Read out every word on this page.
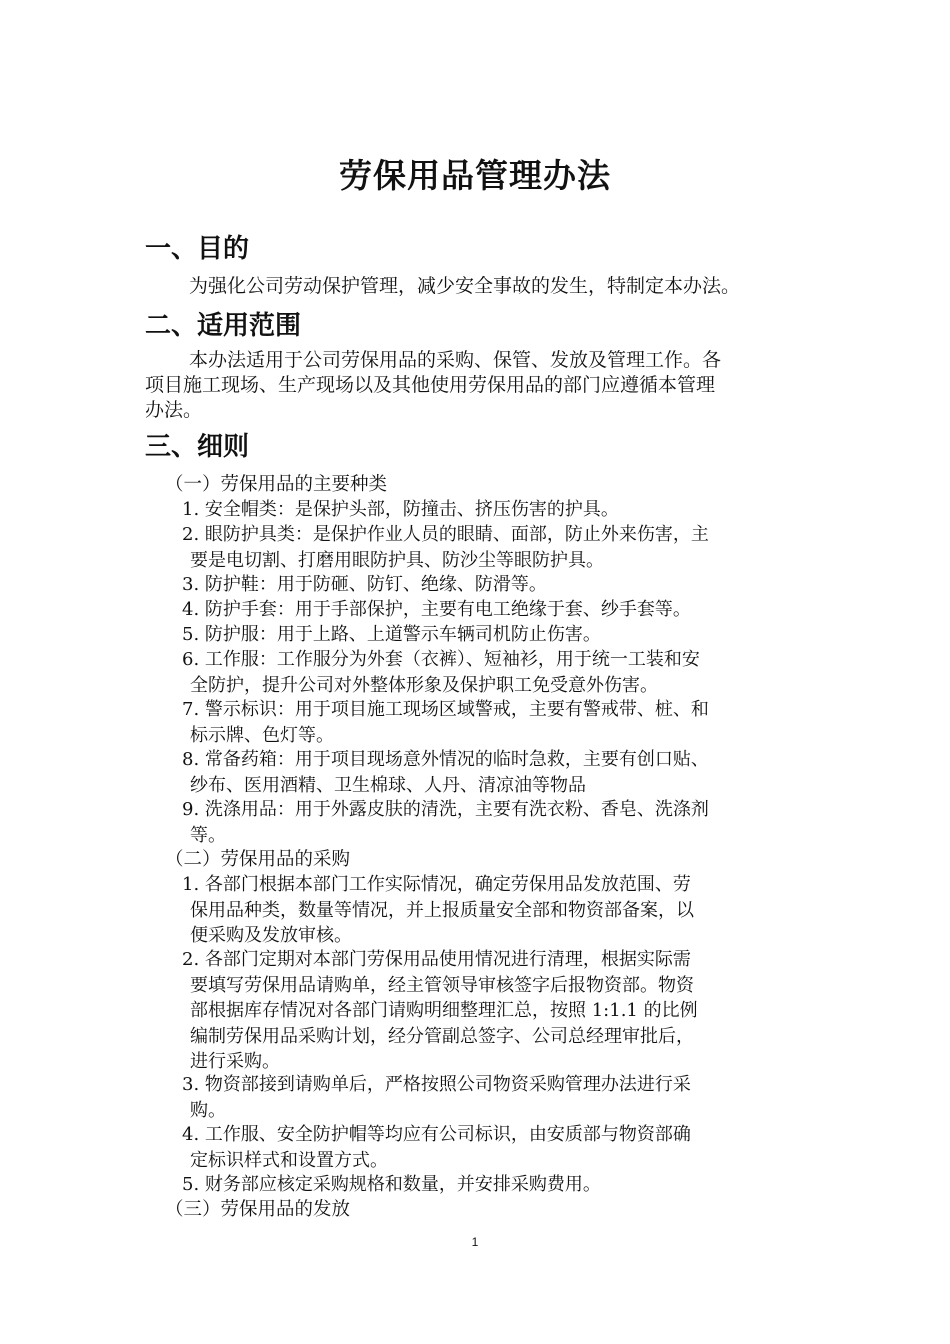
劳保用品管理办法
一、目的

为强化公司劳动保护管理，减少安全事故的发生，特制定本办法。

二、适用范围

本办法适用于公司劳保用品的采购、保管、发放及管理工作。各
项目施工现场、生产现场以及其他使用劳保用品的部门应遵循本管理
办法。

三、细则

（一）劳保用品的主要种类

1. 安全帽类：是保护头部，防撞击、挤压伤害的护具。

2. 眼防护具类：是保护作业人员的眼睛、面部，防止外来伤害，主
要是电切割、打磨用眼防护具、防沙尘等眼防护具。

3. 防护鞋：用于防砸、防钉、绝缘、防滑等。

4. 防护手套：用于手部保护，主要有电工绝缘于套、纱手套等。

5. 防护服：用于上路、上道警示车辆司机防止伤害。

6. 工作服：工作服分为外套（衣裤）、短袖衫，用于统一工装和安
全防护，提升公司对外整体形象及保护职工免受意外伤害。

7. 警示标识：用于项目施工现场区域警戒，主要有警戒带、桩、和
标示牌、色灯等。

8. 常备药箱：用于项目现场意外情况的临时急救，主要有创口贴、
纱布、医用酒精、卫生棉球、人丹、清凉油等物品

9. 洗涤用品：用于外露皮肤的清洗，主要有洗衣粉、香皂、洗涤剂
等。

（二）劳保用品的采购

1. 各部门根据本部门工作实际情况，确定劳保用品发放范围、劳
保用品种类，数量等情况，并上报质量安全部和物资部备案，以
便采购及发放审核。

2. 各部门定期对本部门劳保用品使用情况进行清理，根据实际需
要填写劳保用品请购单，经主管领导审核签字后报物资部。物资
部根据库存情况对各部门请购明细整理汇总，按照 1:1.1 的比例
编制劳保用品采购计划，经分管副总签字、公司总经理审批后，
进行采购。

3. 物资部接到请购单后，严格按照公司物资采购管理办法进行采
购。

4. 工作服、安全防护帽等均应有公司标识，由安质部与物资部确
定标识样式和设置方式。

5. 财务部应核定采购规格和数量，并安排采购费用。

（三）劳保用品的发放

1
